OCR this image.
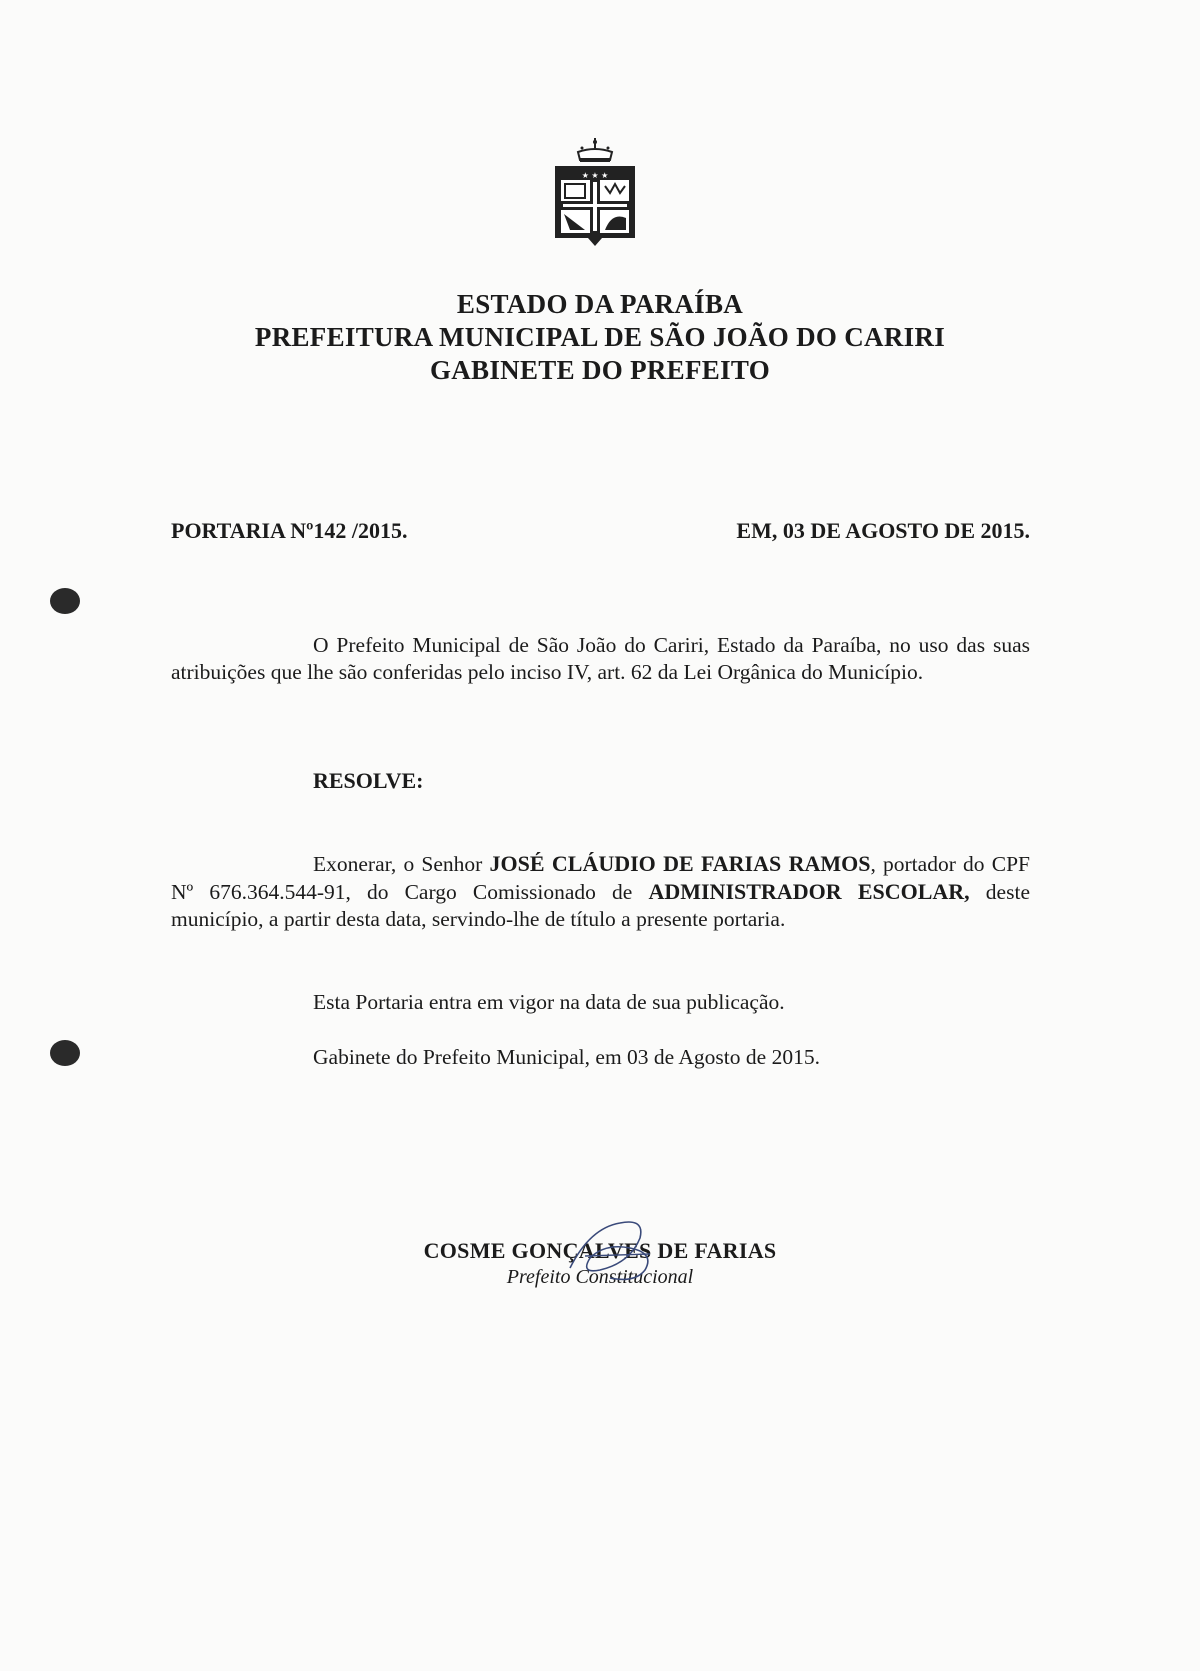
★ ★ ★
ESTADO DA PARAÍBA
PREFEITURA MUNICIPAL DE SÃO JOÃO DO CARIRI
GABINETE DO PREFEITO
PORTARIA Nº142 /2015.	EM, 03 DE AGOSTO DE 2015.
O Prefeito Municipal de São João do Cariri, Estado da Paraíba, no uso das suas atribuições que lhe são conferidas pelo inciso IV, art. 62 da Lei Orgânica do Município.
RESOLVE:
Exonerar, o Senhor JOSÉ CLÁUDIO DE FARIAS RAMOS, portador do CPF Nº 676.364.544-91, do Cargo Comissionado de ADMINISTRADOR ESCOLAR, deste município, a partir desta data, servindo-lhe de título a presente portaria.
Esta Portaria entra em vigor na data de sua publicação.
Gabinete do Prefeito Municipal, em 03 de Agosto de 2015.
COSME GONÇALVES DE FARIAS
Prefeito Constitucional
